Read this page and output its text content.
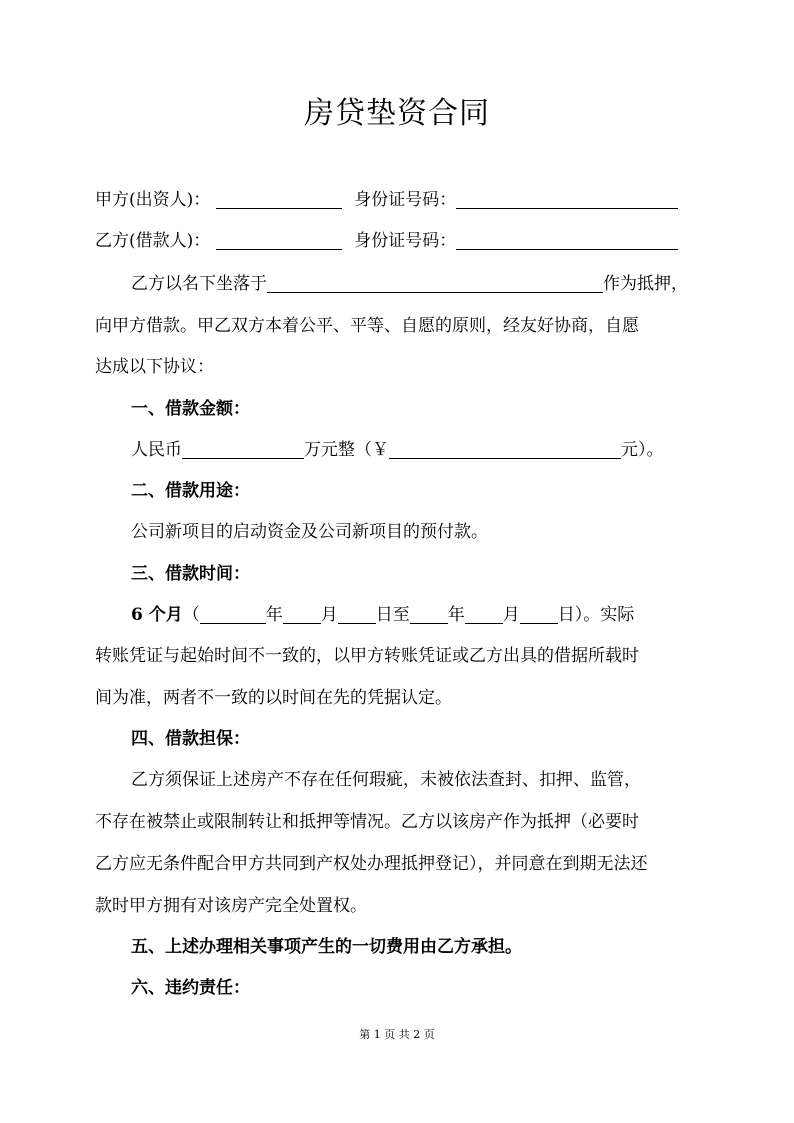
房贷垫资合同
甲方(出资人)：	身份证号码：
乙方(借款人)：	身份证号码：
乙方以名下坐落于	作为抵押，
向甲方借款。甲乙双方本着公平、平等、自愿的原则，经友好协商，自愿
达成以下协议：
一、借款金额：
人民币	万元整（￥	元）。
二、借款用途：
公司新项目的启动资金及公司新项目的预付款。
三、借款时间：
6 个月（	年 月 日至 年 月 日）。实际
转账凭证与起始时间不一致的，以甲方转账凭证或乙方出具的借据所载时
间为准，两者不一致的以时间在先的凭据认定。
四、借款担保：
乙方须保证上述房产不存在任何瑕疵，未被依法查封、扣押、监管，
不存在被禁止或限制转让和抵押等情况。乙方以该房产作为抵押（必要时
乙方应无条件配合甲方共同到产权处办理抵押登记），并同意在到期无法还
款时甲方拥有对该房产完全处置权。
五、上述办理相关事项产生的一切费用由乙方承担。
六、违约责任：
第 1 页 共 2 页
